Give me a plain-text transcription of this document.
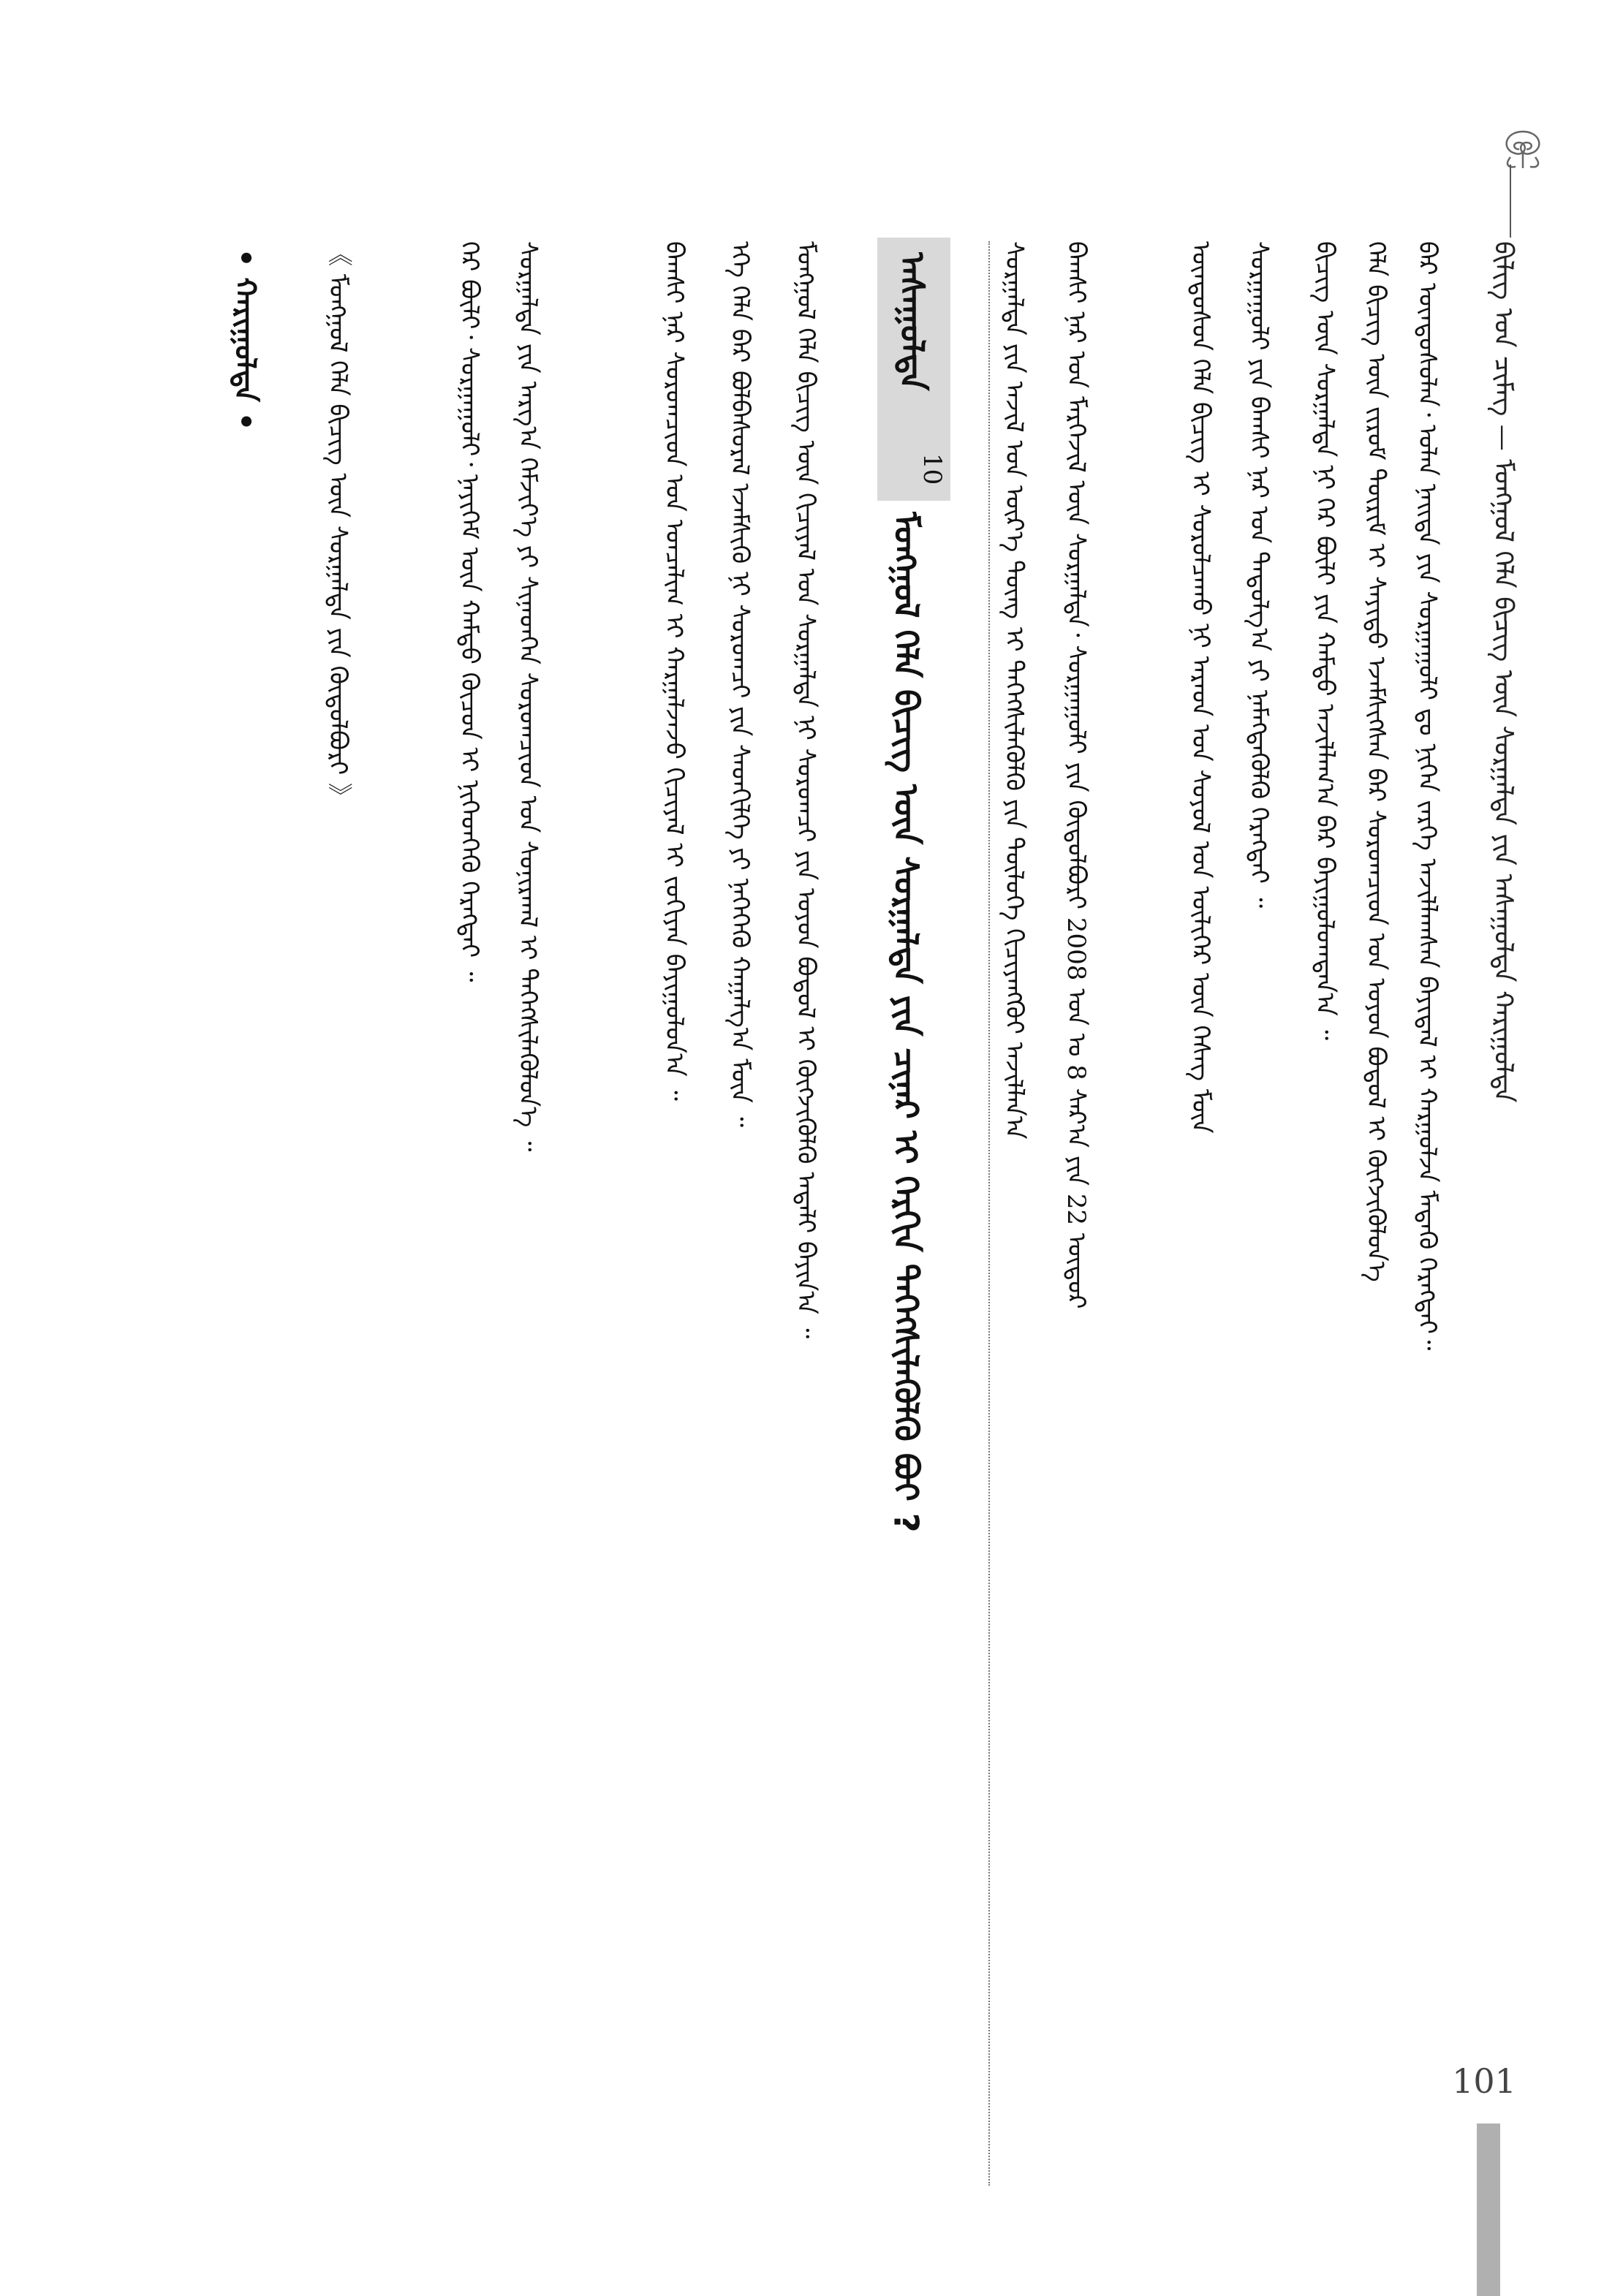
ᠪᠢᠯᠢᠭ ᠤᠨ ᠴᠢᠮᠡᠭ — ᠮᠤᠩᠭᠤᠯ ᠬᠡᠯᠡ ᠪᠢᠴᠢᠭ ᠦᠨ ᠰᠤᠷᠭᠠᠯᠲᠠ ᠶᠢᠨ ᠠᠰᠠᠭᠤᠯᠲᠠ ᠬᠠᠷᠢᠭᠤᠯᠲᠠ
ᠪᠠᠷ ᠦᠨᠳᠦᠰᠦᠯᠡᠨ᠂ ᠣᠯᠠᠨ ᠨᠡᠢᠲᠡ ᠶᠢᠨ ᠰᠤᠷᠭᠠᠭᠤᠯᠢ ᠳᠤ ᠨᠢᠭᠡᠨ ᠵᠡᠷᠭᠡ ᠠᠵᠢᠯᠯᠠᠭᠰᠠᠨ ᠪᠠᠶᠢᠳᠠᠯ ᠢ ᠬᠠᠷᠭᠤᠯᠵᠠ ᠮᠡᠳᠡᠬᠦ ᠬᠡᠷᠡᠭᠲᠡᠶ᠃
ᠬᠡᠯᠡ ᠪᠢᠴᠢᠭ ᠦᠨ ᠵᠢᠷᠤᠮ ᠳᠦᠷᠢᠮ ᠢ ᠰᠠᠶᠢᠲᠤ ᠡᠵᠡᠮᠰᠢᠭᠰᠡᠨ ᠪᠡᠷ ᠰᠤᠷᠤᠭᠴᠢᠳ ᠤᠨ ᠤᠶᠤᠨ ᠪᠤᠳᠤᠯ ᠢ ᠬᠥᠭᠵᠢᠭᠦᠯᠦᠨ᠎ᠡ
ᠪᠢᠴᠢᠭ ᠦᠨ ᠰᠤᠷᠭᠠᠯᠲᠠ ᠨᠢ ᠭᠡᠷ ᠪᠦᠯᠢ ᠶᠢᠨ ᠬᠠᠮᠲᠤ ᠠᠵᠢᠯᠯᠠᠭ᠎ᠠ ᠪᠡᠷ ᠪᠠᠶᠢᠭᠤᠯᠤᠭᠳᠠᠨ᠎ᠠ ᠃
ᠰᠤᠷᠭᠠᠭᠤᠯᠢ ᠶᠢᠨ ᠪᠠᠭᠰᠢ ᠨᠠᠷ ᠤᠨ ᠳᠠᠳᠤᠯᠭ᠎ᠠ ᠶᠢ ᠨᠡᠮᠡᠭᠳᠡᠬᠦᠯᠬᠦ ᠬᠡᠷᠡᠭᠲᠡᠶ ᠃
ᠦᠨᠳᠦᠰᠦᠨ ᠬᠡᠯᠡ ᠪᠢᠴᠢᠭ ᠢ ᠰᠤᠷᠤᠯᠴᠠᠬᠤ ᠨᠢ ᠠᠷᠠᠳ ᠤᠨ ᠰᠣᠶᠣᠯ ᠤᠨ ᠦᠯᠢᠭᠡᠷ ᠦᠨ ᠬᠡᠰᠡᠭ ᠮᠦᠨ
ᠪᠠᠭᠰᠢ ᠨᠠᠷ ᠤᠨ ᠮᠡᠷᠭᠡᠵᠢᠯ ᠦᠨ ᠰᠤᠷᠭᠠᠯᠲᠠ᠂ ᠰᠤᠷᠭᠠᠭᠤᠯᠢ ᠶᠢᠨ ᠬᠥᠲᠦᠯᠪᠦᠷᠢ 2008 ᠣᠨ ᠤ 8 ᠰᠠᠷ᠎ᠠ ᠶᠢᠨ 22 ᠦᠳᠦᠷ
ᠰᠤᠷᠭᠠᠯᠲᠠ ᠶᠢᠨ ᠠᠵᠢᠯ ᠤᠨ ᠦᠷ᠎ᠡ ᠳᠦᠩ ᠢ ᠳᠡᠭᠡᠭᠰᠢᠯᠡᠭᠦᠯᠬᠦ ᠶᠢᠨ ᠲᠥᠯᠥᠭᠡ ᠬᠢᠴᠢᠶᠡᠩᠭᠦᠢ ᠠᠵᠢᠯᠯᠠᠨ᠎ᠠ
ᠠᠰᠠᠭᠤᠯᠲᠠ
10
ᠮᠤᠩᠭᠤᠯ ᠬᠡᠯᠡ ᠪᠢᠴᠢᠭ ᠦᠨ ᠰᠤᠷᠭᠠᠯᠲᠠ ᠶᠢᠨ ᠴᠢᠨᠠᠷ ᠢ ᠬᠡᠷᠬᠢᠨ ᠳᠡᠭᠡᠭᠰᠢᠯᠡᠭᠦᠯᠬᠦ ᠪᠤᠢ ?
ᠮᠤᠩᠭᠤᠯ ᠬᠡᠯᠡ ᠪᠢᠴᠢᠭ ᠦᠨ ᠬᠢᠴᠢᠶᠡᠯ ᠤᠨ ᠰᠤᠷᠭᠠᠯᠲᠠ ᠨᠢ ᠰᠤᠷᠤᠭᠴᠢ ᠶᠢᠨ ᠤᠶᠤᠨ ᠪᠤᠳᠤᠯ ᠢ ᠬᠥᠭᠵᠢᠭᠦᠯᠬᠦ ᠠᠳᠠᠯᠢ ᠪᠠᠶᠢᠨ᠎ᠠ ᠃
ᠡᠬᠡ ᠬᠡᠯᠡ ᠪᠡᠷ ᠪᠤᠯᠪᠠᠰᠤᠷᠠᠯ ᠡᠵᠡᠮᠰᠢᠬᠦ ᠨᠢ ᠰᠤᠷᠤᠭᠴᠢ ᠶᠢᠨ ᠰᠡᠳᠬᠢᠯᠭᠡ ᠶᠢ ᠨᠡᠭᠡᠭᠡᠬᠦ ᠬᠠᠭᠠᠯᠭ᠎ᠠ ᠮᠦᠨ ᠃
ᠪᠠᠭᠰᠢ ᠨᠠᠷ ᠰᠤᠷᠤᠭᠴᠢᠳ ᠤᠨ ᠣᠨᠴᠠᠯᠢᠭ ᠢ ᠬᠠᠷᠭᠠᠯᠵᠠᠵᠤ ᠬᠢᠴᠢᠶᠡᠯ ᠢ ᠵᠣᠬᠢᠶᠠᠨ ᠪᠠᠶᠢᠭᠤᠯᠤᠨ᠎ᠠ ᠃
ᠰᠤᠷᠭᠠᠯᠲᠠ ᠶᠢᠨ ᠠᠷᠭ᠎ᠠ ᠬᠡᠮᠵᠢᠶ᠎ᠡ ᠶᠢ ᠰᠢᠨᠡᠳᠭᠡᠨ ᠰᠤᠷᠤᠭᠴᠢᠳ ᠤᠨ ᠰᠣᠨᠢᠷᠬᠠᠯ ᠢ ᠳᠡᠭᠡᠭᠰᠢᠯᠡᠭᠦᠯᠦᠨ᠎ᠡ ᠃
ᠭᠡᠷ ᠪᠦᠯᠢ᠂ ᠰᠤᠷᠭᠠᠭᠤᠯᠢ᠂ ᠨᠡᠶᠢᠭᠡᠮ ᠦᠨ ᠬᠠᠮᠲᠤ ᠬᠦᠴᠦᠨ ᠢ ᠨᠢᠭᠡᠳᠭᠡᠬᠦ ᠬᠡᠷᠡᠭᠲᠡᠶ ᠃
《 ᠮᠤᠩᠭᠤᠯ ᠬᠡᠯᠡ ᠪᠢᠴᠢᠭ ᠦᠨ ᠰᠤᠷᠭᠠᠯᠲᠠ ᠶᠢᠨ ᠬᠥᠲᠦᠯᠪᠦᠷᠢ 》
• ᠬᠠᠷᠢᠭᠤᠯᠲᠠ •
101
